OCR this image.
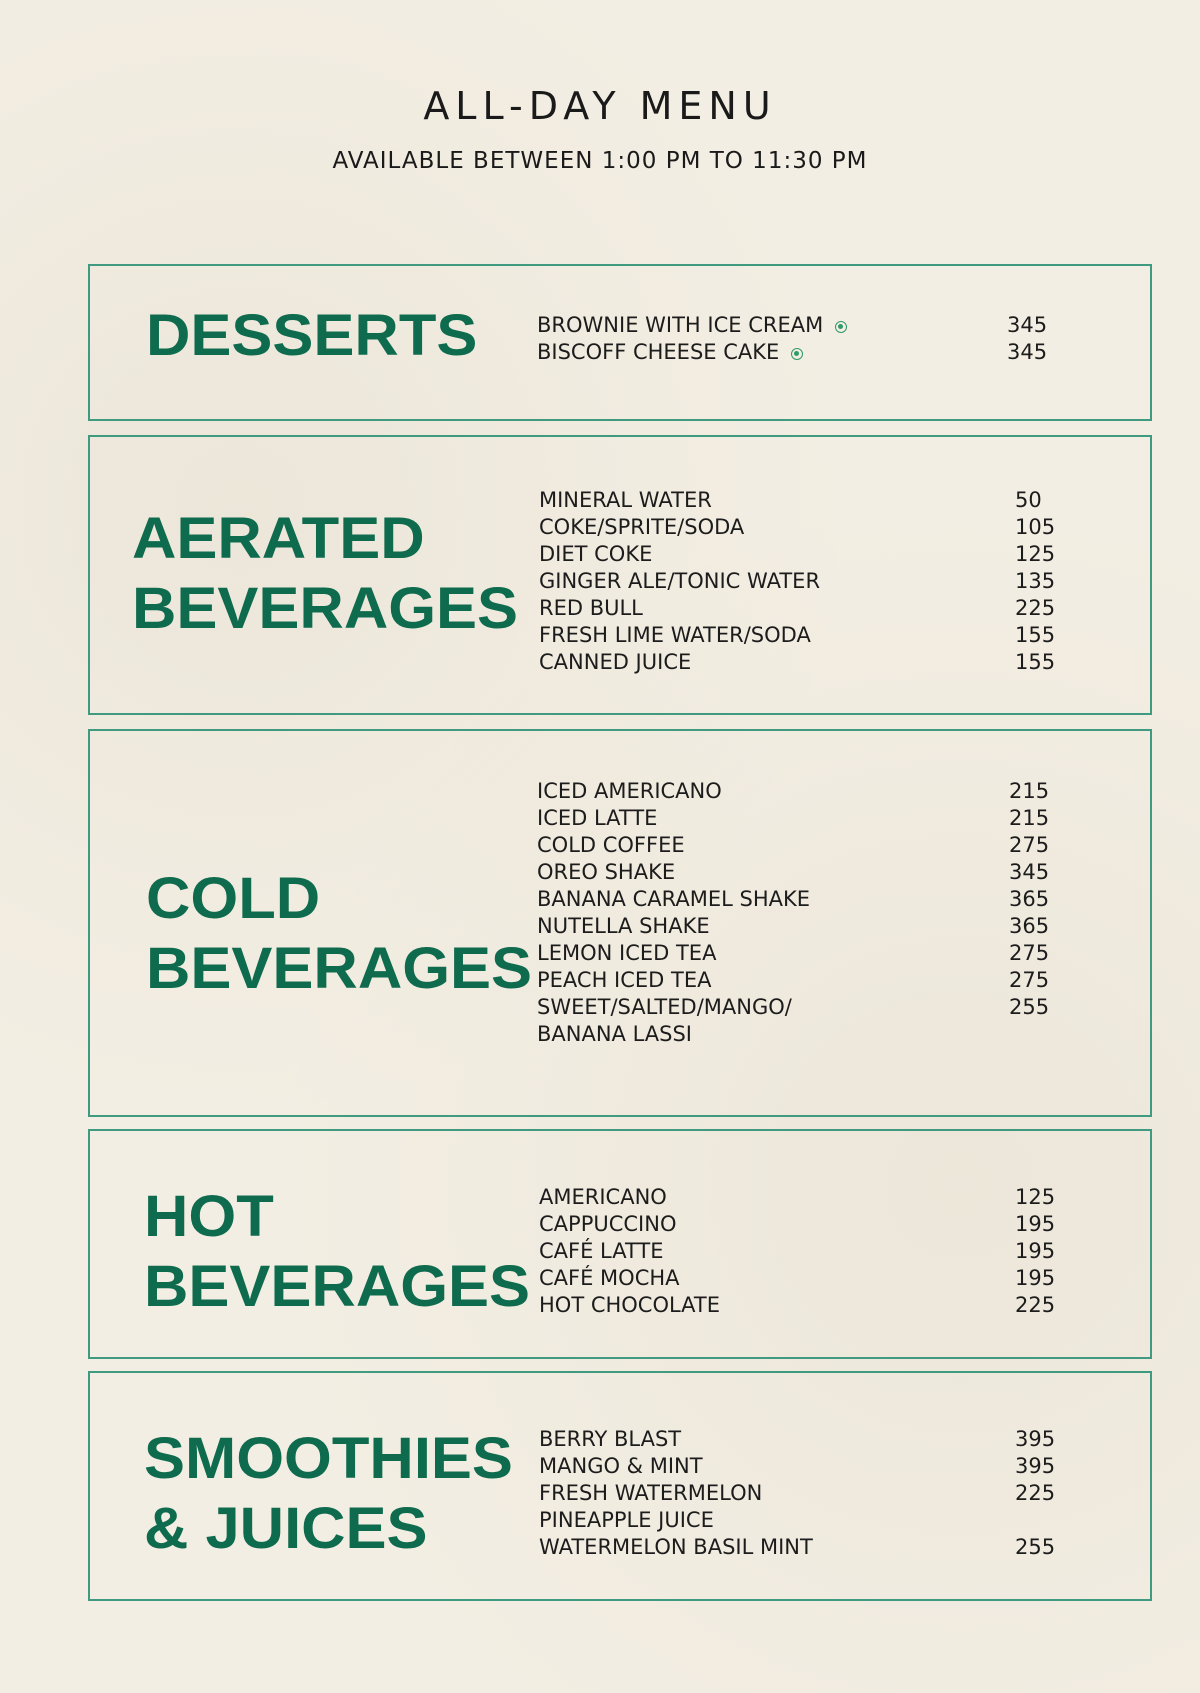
ALL-DAY MENU
AVAILABLE BETWEEN 1:00 PM TO 11:30 PM
DESSERTS	BROWNIE WITH ICE CREAM	345
BISCOFF CHEESE CAKE	345
AERATED
BEVERAGES
MINERAL WATER	50
COKE/SPRITE/SODA	105
DIET COKE	125
GINGER ALE/TONIC WATER	135
RED BULL	225
FRESH LIME WATER/SODA	155
CANNED JUICE	155
COLD
BEVERAGES
ICED AMERICANO	215
ICED LATTE	215
COLD COFFEE	275
OREO SHAKE	345
BANANA CARAMEL SHAKE	365
NUTELLA SHAKE	365
LEMON ICED TEA	275
PEACH ICED TEA	275
SWEET/SALTED/MANGO/	255
BANANA LASSI
HOT
BEVERAGES
AMERICANO	125
CAPPUCCINO	195
CAFÉ LATTE	195
CAFÉ MOCHA	195
HOT CHOCOLATE	225
SMOOTHIES
& JUICES
BERRY BLAST	395
MANGO & MINT	395
FRESH WATERMELON	225
PINEAPPLE JUICE
WATERMELON BASIL MINT	255
